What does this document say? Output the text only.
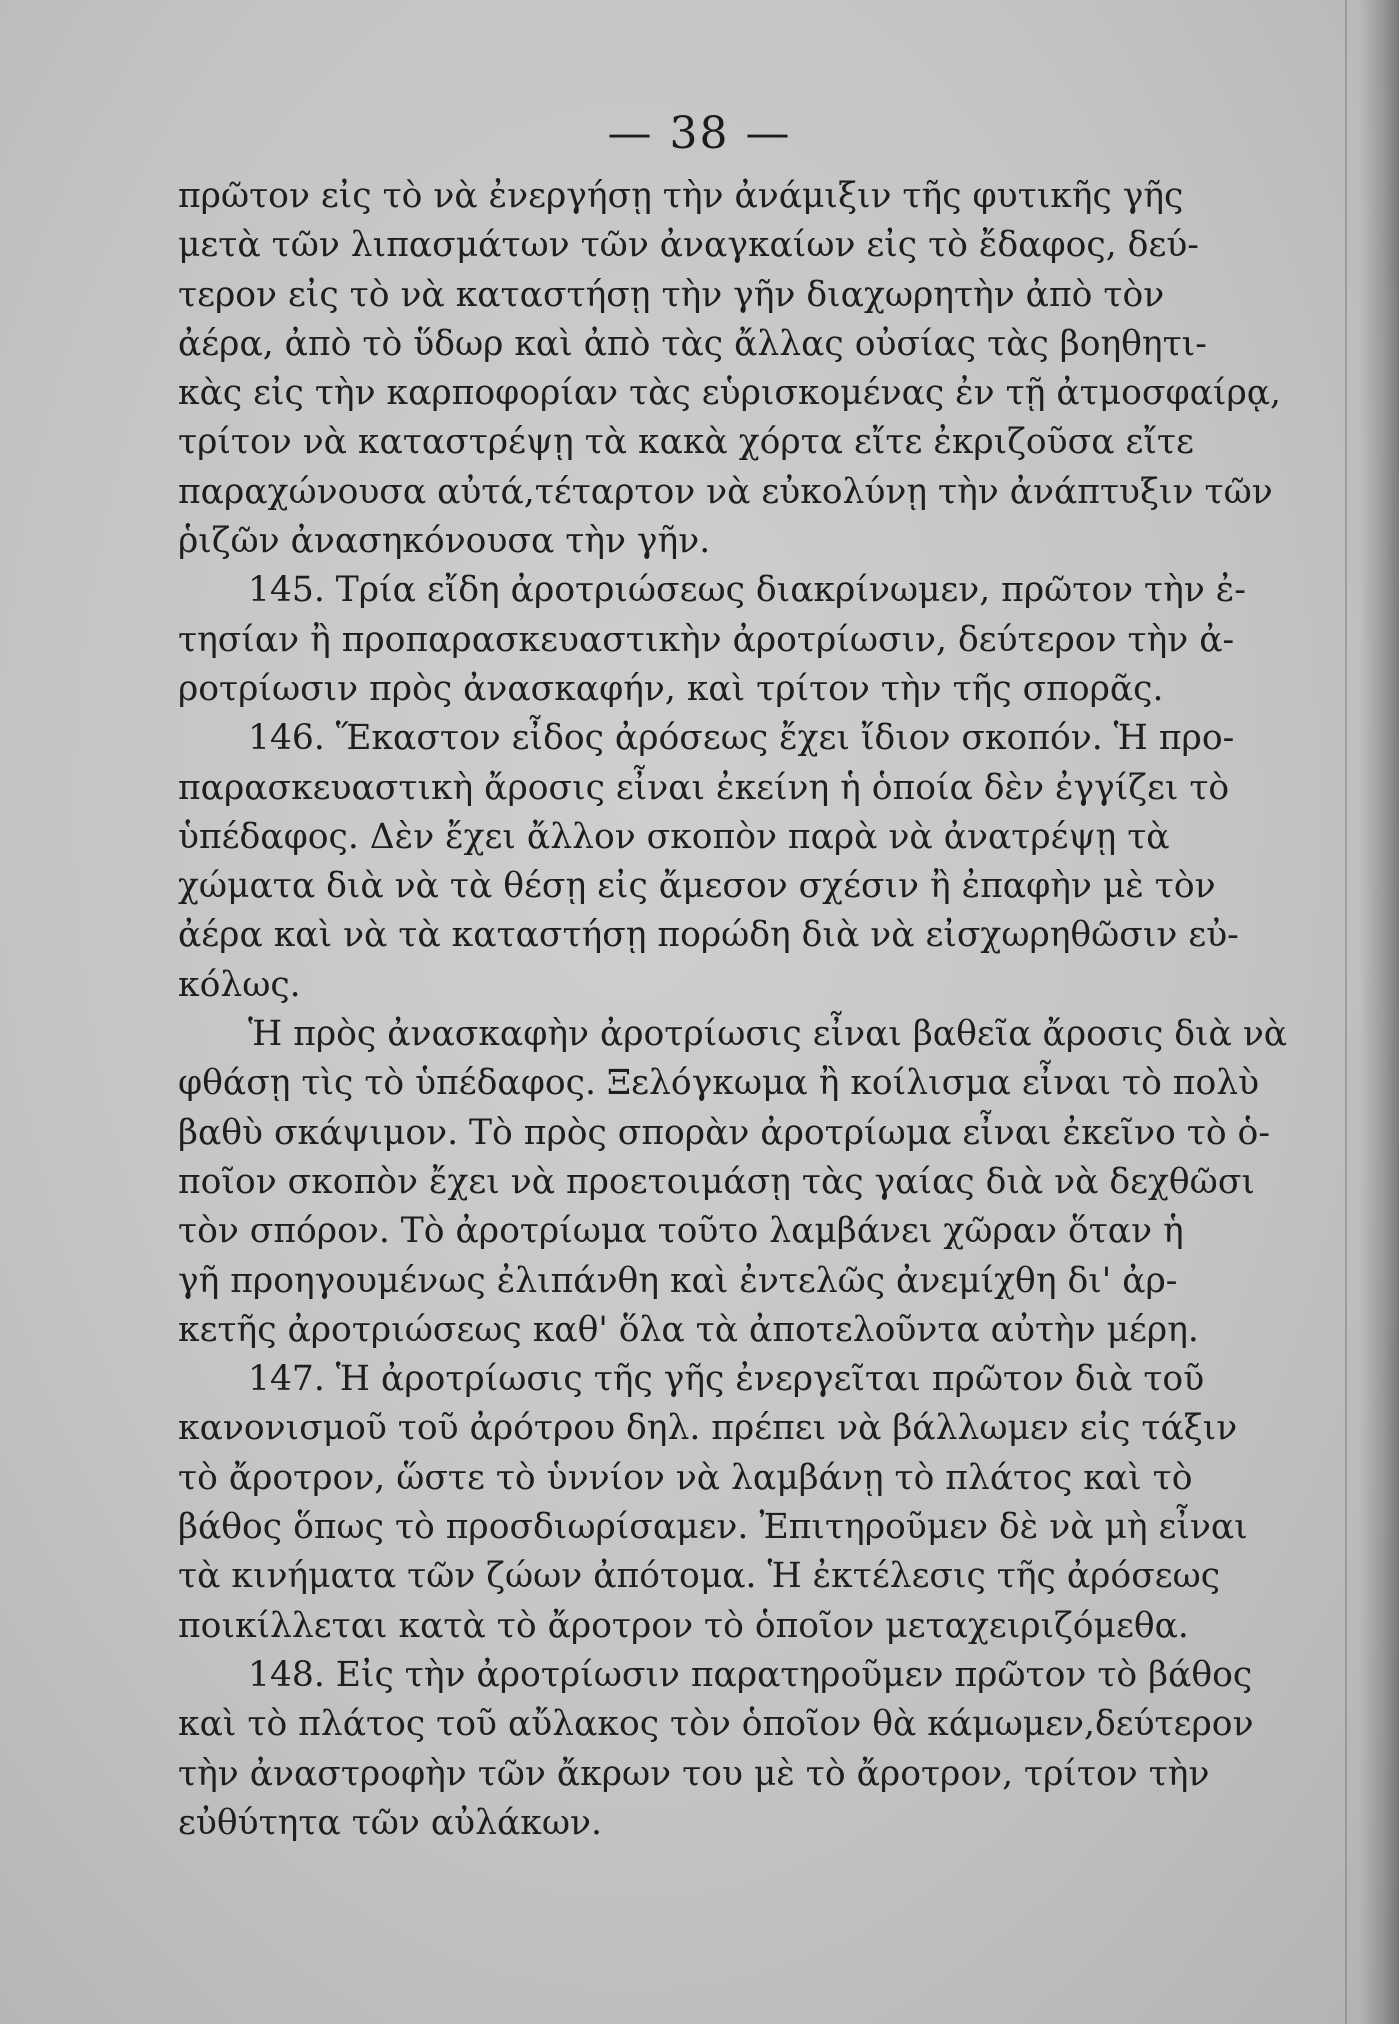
— 38 —
πρῶτον εἰς τὸ νὰ ἐνεργήσῃ τὴν ἀνάμιξιν τῆς φυτικῆς γῆς
μετὰ τῶν λιπασμάτων τῶν ἀναγκαίων εἰς τὸ ἔδαφος, δεύ-
τερον εἰς τὸ νὰ καταστήσῃ τὴν γῆν διαχωρητὴν ἀπὸ τὸν
ἀέρα, ἀπὸ τὸ ὕδωρ καὶ ἀπὸ τὰς ἄλλας οὐσίας τὰς βοηθητι-
κὰς εἰς τὴν καρποφορίαν τὰς εὑρισκομένας ἐν τῇ ἀτμοσφαίρᾳ,
τρίτον νὰ καταστρέψῃ τὰ κακὰ χόρτα εἴτε ἐκριζοῦσα εἴτε
παραχώνουσα αὐτά,τέταρτον νὰ εὐκολύνῃ τὴν ἀνάπτυξιν τῶν
ῥιζῶν ἀνασηκόνουσα τὴν γῆν.
145. Τρία εἴδη ἀροτριώσεως διακρίνωμεν, πρῶτον τὴν ἐ-
τησίαν ἢ προπαρασκευαστικὴν ἀροτρίωσιν, δεύτερον τὴν ἀ-
ροτρίωσιν πρὸς ἀνασκαφήν, καὶ τρίτον τὴν τῆς σπορᾶς.
146. Ἕκαστον εἶδος ἀρόσεως ἔχει ἴδιον σκοπόν. Ἡ προ-
παρασκευαστικὴ ἄροσις εἶναι ἐκείνη ἡ ὁποία δὲν ἐγγίζει τὸ
ὑπέδαφος. Δὲν ἔχει ἄλλον σκοπὸν παρὰ νὰ ἀνατρέψῃ τὰ
χώματα διὰ νὰ τὰ θέσῃ εἰς ἄμεσον σχέσιν ἢ ἐπαφὴν μὲ τὸν
ἀέρα καὶ νὰ τὰ καταστήσῃ πορώδη διὰ νὰ εἰσχωρηθῶσιν εὐ-
κόλως.
Ἡ πρὸς ἀνασκαφὴν ἀροτρίωσις εἶναι βαθεῖα ἄροσις διὰ νὰ
φθάσῃ τὶς τὸ ὑπέδαφος. Ξελόγκωμα ἢ κοίλισμα εἶναι τὸ πολὺ
βαθὺ σκάψιμον. Τὸ πρὸς σπορὰν ἀροτρίωμα εἶναι ἐκεῖνο τὸ ὁ-
ποῖον σκοπὸν ἔχει νὰ προετοιμάσῃ τὰς γαίας διὰ νὰ δεχθῶσι
τὸν σπόρον. Τὸ ἀροτρίωμα τοῦτο λαμβάνει χῶραν ὅταν ἡ
γῆ προηγουμένως ἐλιπάνθη καὶ ἐντελῶς ἀνεμίχθη δι' ἀρ-
κετῆς ἀροτριώσεως καθ' ὅλα τὰ ἀποτελοῦντα αὐτὴν μέρη.
147. Ἡ ἀροτρίωσις τῆς γῆς ἐνεργεῖται πρῶτον διὰ τοῦ
κανονισμοῦ τοῦ ἀρότρου δηλ. πρέπει νὰ βάλλωμεν εἰς τάξιν
τὸ ἄροτρον, ὥστε τὸ ὑννίον νὰ λαμβάνῃ τὸ πλάτος καὶ τὸ
βάθος ὅπως τὸ προσδιωρίσαμεν. Ἐπιτηροῦμεν δὲ νὰ μὴ εἶναι
τὰ κινήματα τῶν ζώων ἀπότομα. Ἡ ἐκτέλεσις τῆς ἀρόσεως
ποικίλλεται κατὰ τὸ ἄροτρον τὸ ὁποῖον μεταχειριζόμεθα.
148. Εἰς τὴν ἀροτρίωσιν παρατηροῦμεν πρῶτον τὸ βάθος
καὶ τὸ πλάτος τοῦ αὔλακος τὸν ὁποῖον θὰ κάμωμεν,δεύτερον
τὴν ἀναστροφὴν τῶν ἄκρων του μὲ τὸ ἄροτρον, τρίτον τὴν
εὐθύτητα τῶν αὐλάκων.
